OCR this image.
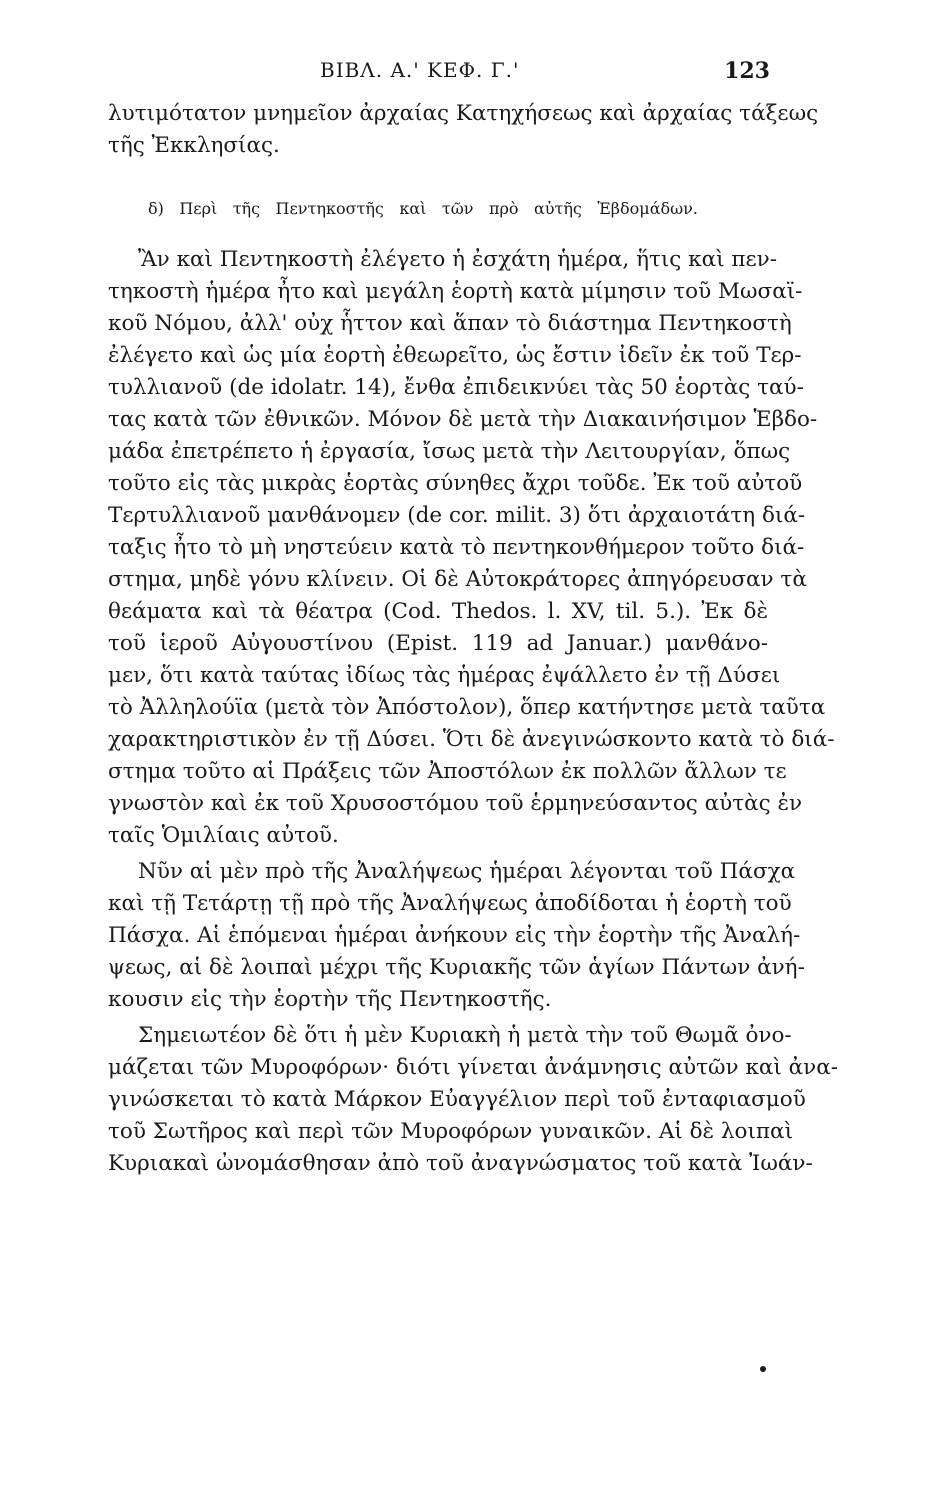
ΒΙΒΛ. Α.' ΚΕΦ. Γ.'	123
λυτιμότατον μνημεῖον ἀρχαίας Κατηχήσεως καὶ ἀρχαίας τάξεως
τῆς Ἐκκλησίας.
δ) Περὶ τῆς Πεντηκοστῆς καὶ τῶν πρὸ αὐτῆς Ἑβδομάδων.
Ἂν καὶ Πεντηκοστὴ ἐλέγετο ἡ ἐσχάτη ἡμέρα, ἥτις καὶ πεν-
τηκοστὴ ἡμέρα ἦτο καὶ μεγάλη ἑορτὴ κατὰ μίμησιν τοῦ Μωσαϊ-
κοῦ Νόμου, ἀλλ' οὐχ ἧττον καὶ ἅπαν τὸ διάστημα Πεντηκοστὴ
ἐλέγετο καὶ ὡς μία ἑορτὴ ἐθεωρεῖτο, ὡς ἔστιν ἰδεῖν ἐκ τοῦ Τερ-
τυλλιανοῦ (de idolatr. 14), ἔνθα ἐπιδεικνύει τὰς 50 ἑορτὰς ταύ-
τας κατὰ τῶν ἐθνικῶν. Μόνον δὲ μετὰ τὴν Διακαινήσιμον Ἑβδο-
μάδα ἐπετρέπετο ἡ ἐργασία, ἴσως μετὰ τὴν Λειτουργίαν, ὅπως
τοῦτο εἰς τὰς μικρὰς ἑορτὰς σύνηθες ἄχρι τοῦδε. Ἐκ τοῦ αὐτοῦ
Τερτυλλιανοῦ μανθάνομεν (de cor. milit. 3) ὅτι ἀρχαιοτάτη διά-
ταξις ἦτο τὸ μὴ νηστεύειν κατὰ τὸ πεντηκονθήμερον τοῦτο διά-
στημα, μηδὲ γόνυ κλίνειν. Οἱ δὲ Αὐτοκράτορες ἀπηγόρευσαν τὰ
θεάματα καὶ τὰ θέατρα (Cod. Thedos. l. XV, til. 5.). Ἐκ δὲ
τοῦ ἱεροῦ Αὐγουστίνου (Epist. 119 ad Januar.) μανθάνο-
μεν, ὅτι κατὰ ταύτας ἰδίως τὰς ἡμέρας ἐψάλλετο ἐν τῇ Δύσει
τὸ Ἀλληλούϊα (μετὰ τὸν Ἀπόστολον), ὅπερ κατήντησε μετὰ ταῦτα
χαρακτηριστικὸν ἐν τῇ Δύσει. Ὅτι δὲ ἀνεγινώσκοντο κατὰ τὸ διά-
στημα τοῦτο αἱ Πράξεις τῶν Ἀποστόλων ἐκ πολλῶν ἄλλων τε
γνωστὸν καὶ ἐκ τοῦ Χρυσοστόμου τοῦ ἑρμηνεύσαντος αὐτὰς ἐν
ταῖς Ὁμιλίαις αὐτοῦ.
Νῦν αἱ μὲν πρὸ τῆς Ἀναλήψεως ἡμέραι λέγονται τοῦ Πάσχα
καὶ τῇ Τετάρτῃ τῇ πρὸ τῆς Ἀναλήψεως ἀποδίδοται ἡ ἑορτὴ τοῦ
Πάσχα. Αἱ ἑπόμεναι ἡμέραι ἀνήκουν εἰς τὴν ἑορτὴν τῆς Ἀναλή-
ψεως, αἱ δὲ λοιπαὶ μέχρι τῆς Κυριακῆς τῶν ἁγίων Πάντων ἀνή-
κουσιν εἰς τὴν ἑορτὴν τῆς Πεντηκοστῆς.
Σημειωτέον δὲ ὅτι ἡ μὲν Κυριακὴ ἡ μετὰ τὴν τοῦ Θωμᾶ ὀνο-
μάζεται τῶν Μυροφόρων· διότι γίνεται ἀνάμνησις αὐτῶν καὶ ἀνα-
γινώσκεται τὸ κατὰ Μάρκον Εὐαγγέλιον περὶ τοῦ ἐνταφιασμοῦ
τοῦ Σωτῆρος καὶ περὶ τῶν Μυροφόρων γυναικῶν. Αἱ δὲ λοιπαὶ
Κυριακαὶ ὠνομάσθησαν ἀπὸ τοῦ ἀναγνώσματος τοῦ κατὰ Ἰωάν-
